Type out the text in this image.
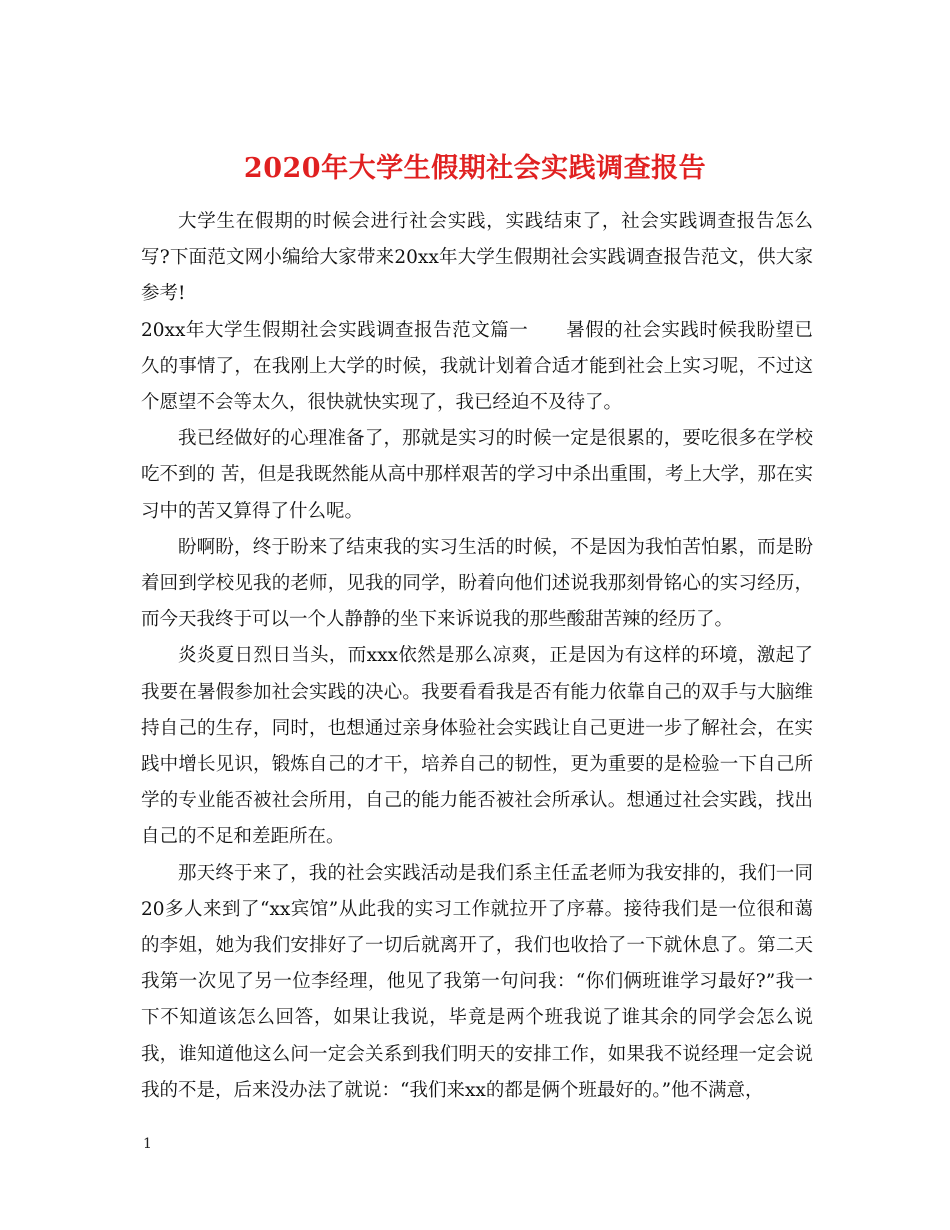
2020年大学生假期社会实践调查报告

大学生在假期的时候会进行社会实践，实践结束了，社会实践调查报告怎么写?下面范文网小编给大家带来20xx年大学生假期社会实践调查报告范文，供大家参考!

20xx年大学生假期社会实践调查报告范文篇一　　暑假的社会实践时候我盼望已久的事情了，在我刚上大学的时候，我就计划着合适才能到社会上实习呢，不过这个愿望不会等太久，很快就快实现了，我已经迫不及待了。

我已经做好的心理准备了，那就是实习的时候一定是很累的，要吃很多在学校吃不到的 苦，但是我既然能从高中那样艰苦的学习中杀出重围，考上大学，那在实习中的苦又算得了什么呢。

盼啊盼，终于盼来了结束我的实习生活的时候，不是因为我怕苦怕累，而是盼着回到学校见我的老师，见我的同学，盼着向他们述说我那刻骨铭心的实习经历，而今天我终于可以一个人静静的坐下来诉说我的那些酸甜苦辣的经历了。

炎炎夏日烈日当头，而xxx依然是那么凉爽，正是因为有这样的环境，激起了我要在暑假参加社会实践的决心。我要看看我是否有能力依靠自己的双手与大脑维持自己的生存，同时，也想通过亲身体验社会实践让自己更进一步了解社会，在实践中增长见识，锻炼自己的才干，培养自己的韧性，更为重要的是检验一下自己所学的专业能否被社会所用，自己的能力能否被社会所承认。想通过社会实践，找出自己的不足和差距所在。

那天终于来了，我的社会实践活动是我们系主任孟老师为我安排的，我们一同20多人来到了“xx宾馆”从此我的实习工作就拉开了序幕。接待我们是一位很和蔼的李姐，她为我们安排好了一切后就离开了，我们也收拾了一下就休息了。第二天我第一次见了另一位李经理，他见了我第一句问我：“你们俩班谁学习最好?”我一下不知道该怎么回答，如果让我说，毕竟是两个班我说了谁其余的同学会怎么说我，谁知道他这么问一定会关系到我们明天的安排工作，如果我不说经理一定会说我的不是，后来没办法了就说：“我们来xx的都是俩个班最好的。”他不满意，

1
